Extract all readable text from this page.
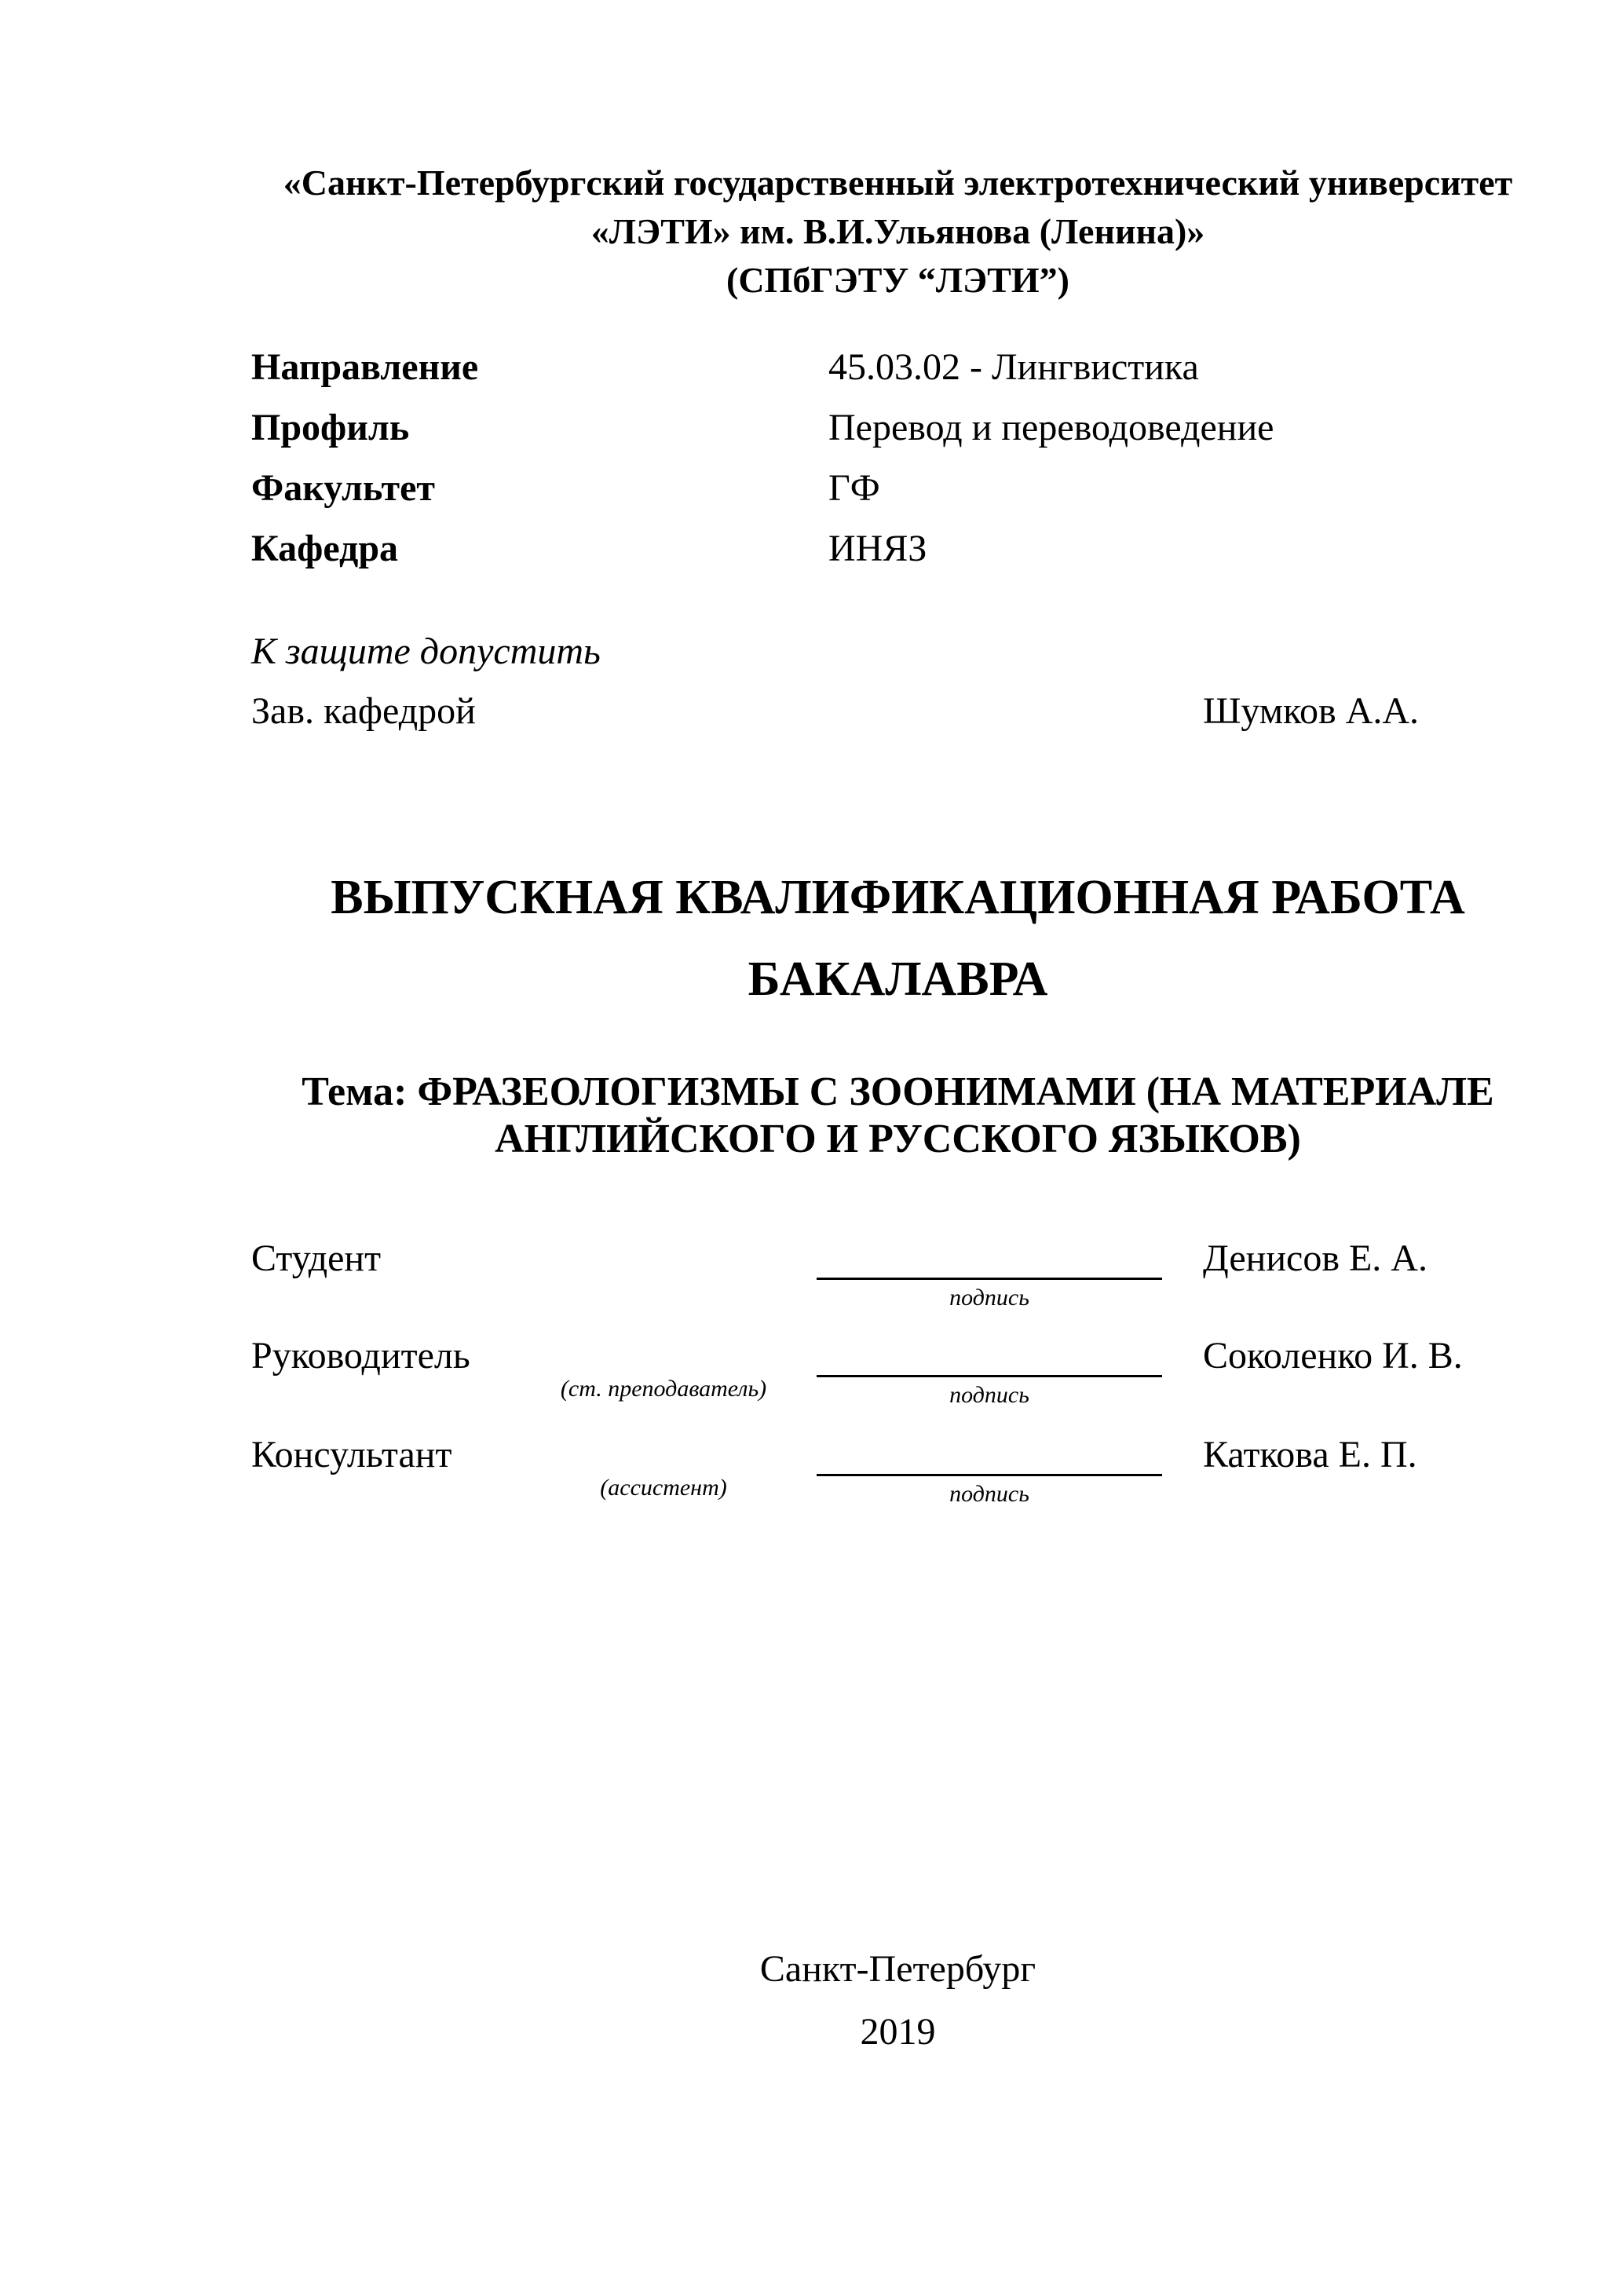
«Санкт-Петербургский государственный электротехнический университет
«ЛЭТИ» им. В.И.Ульянова (Ленина)»
(СПбГЭТУ “ЛЭТИ”)
Направление	45.03.02 - Лингвистика
Профиль	Перевод и переводоведение
Факультет	ГФ
Кафедра	ИНЯЗ
К защите допустить
Зав. кафедрой	Шумков А.А.
ВЫПУСКНАЯ КВАЛИФИКАЦИОННАЯ РАБОТА
БАКАЛАВРА
Тема: ФРАЗЕОЛОГИЗМЫ С ЗООНИМАМИ (НА МАТЕРИАЛЕ
АНГЛИЙСКОГО И РУССКОГО ЯЗЫКОВ)
Студент	Денисов Е. А.
подпись
Руководитель	Соколенко И. В.
(ст. преподаватель)	подпись
Консультант	Каткова Е. П.
(ассистент)	подпись
Санкт-Петербург
2019
